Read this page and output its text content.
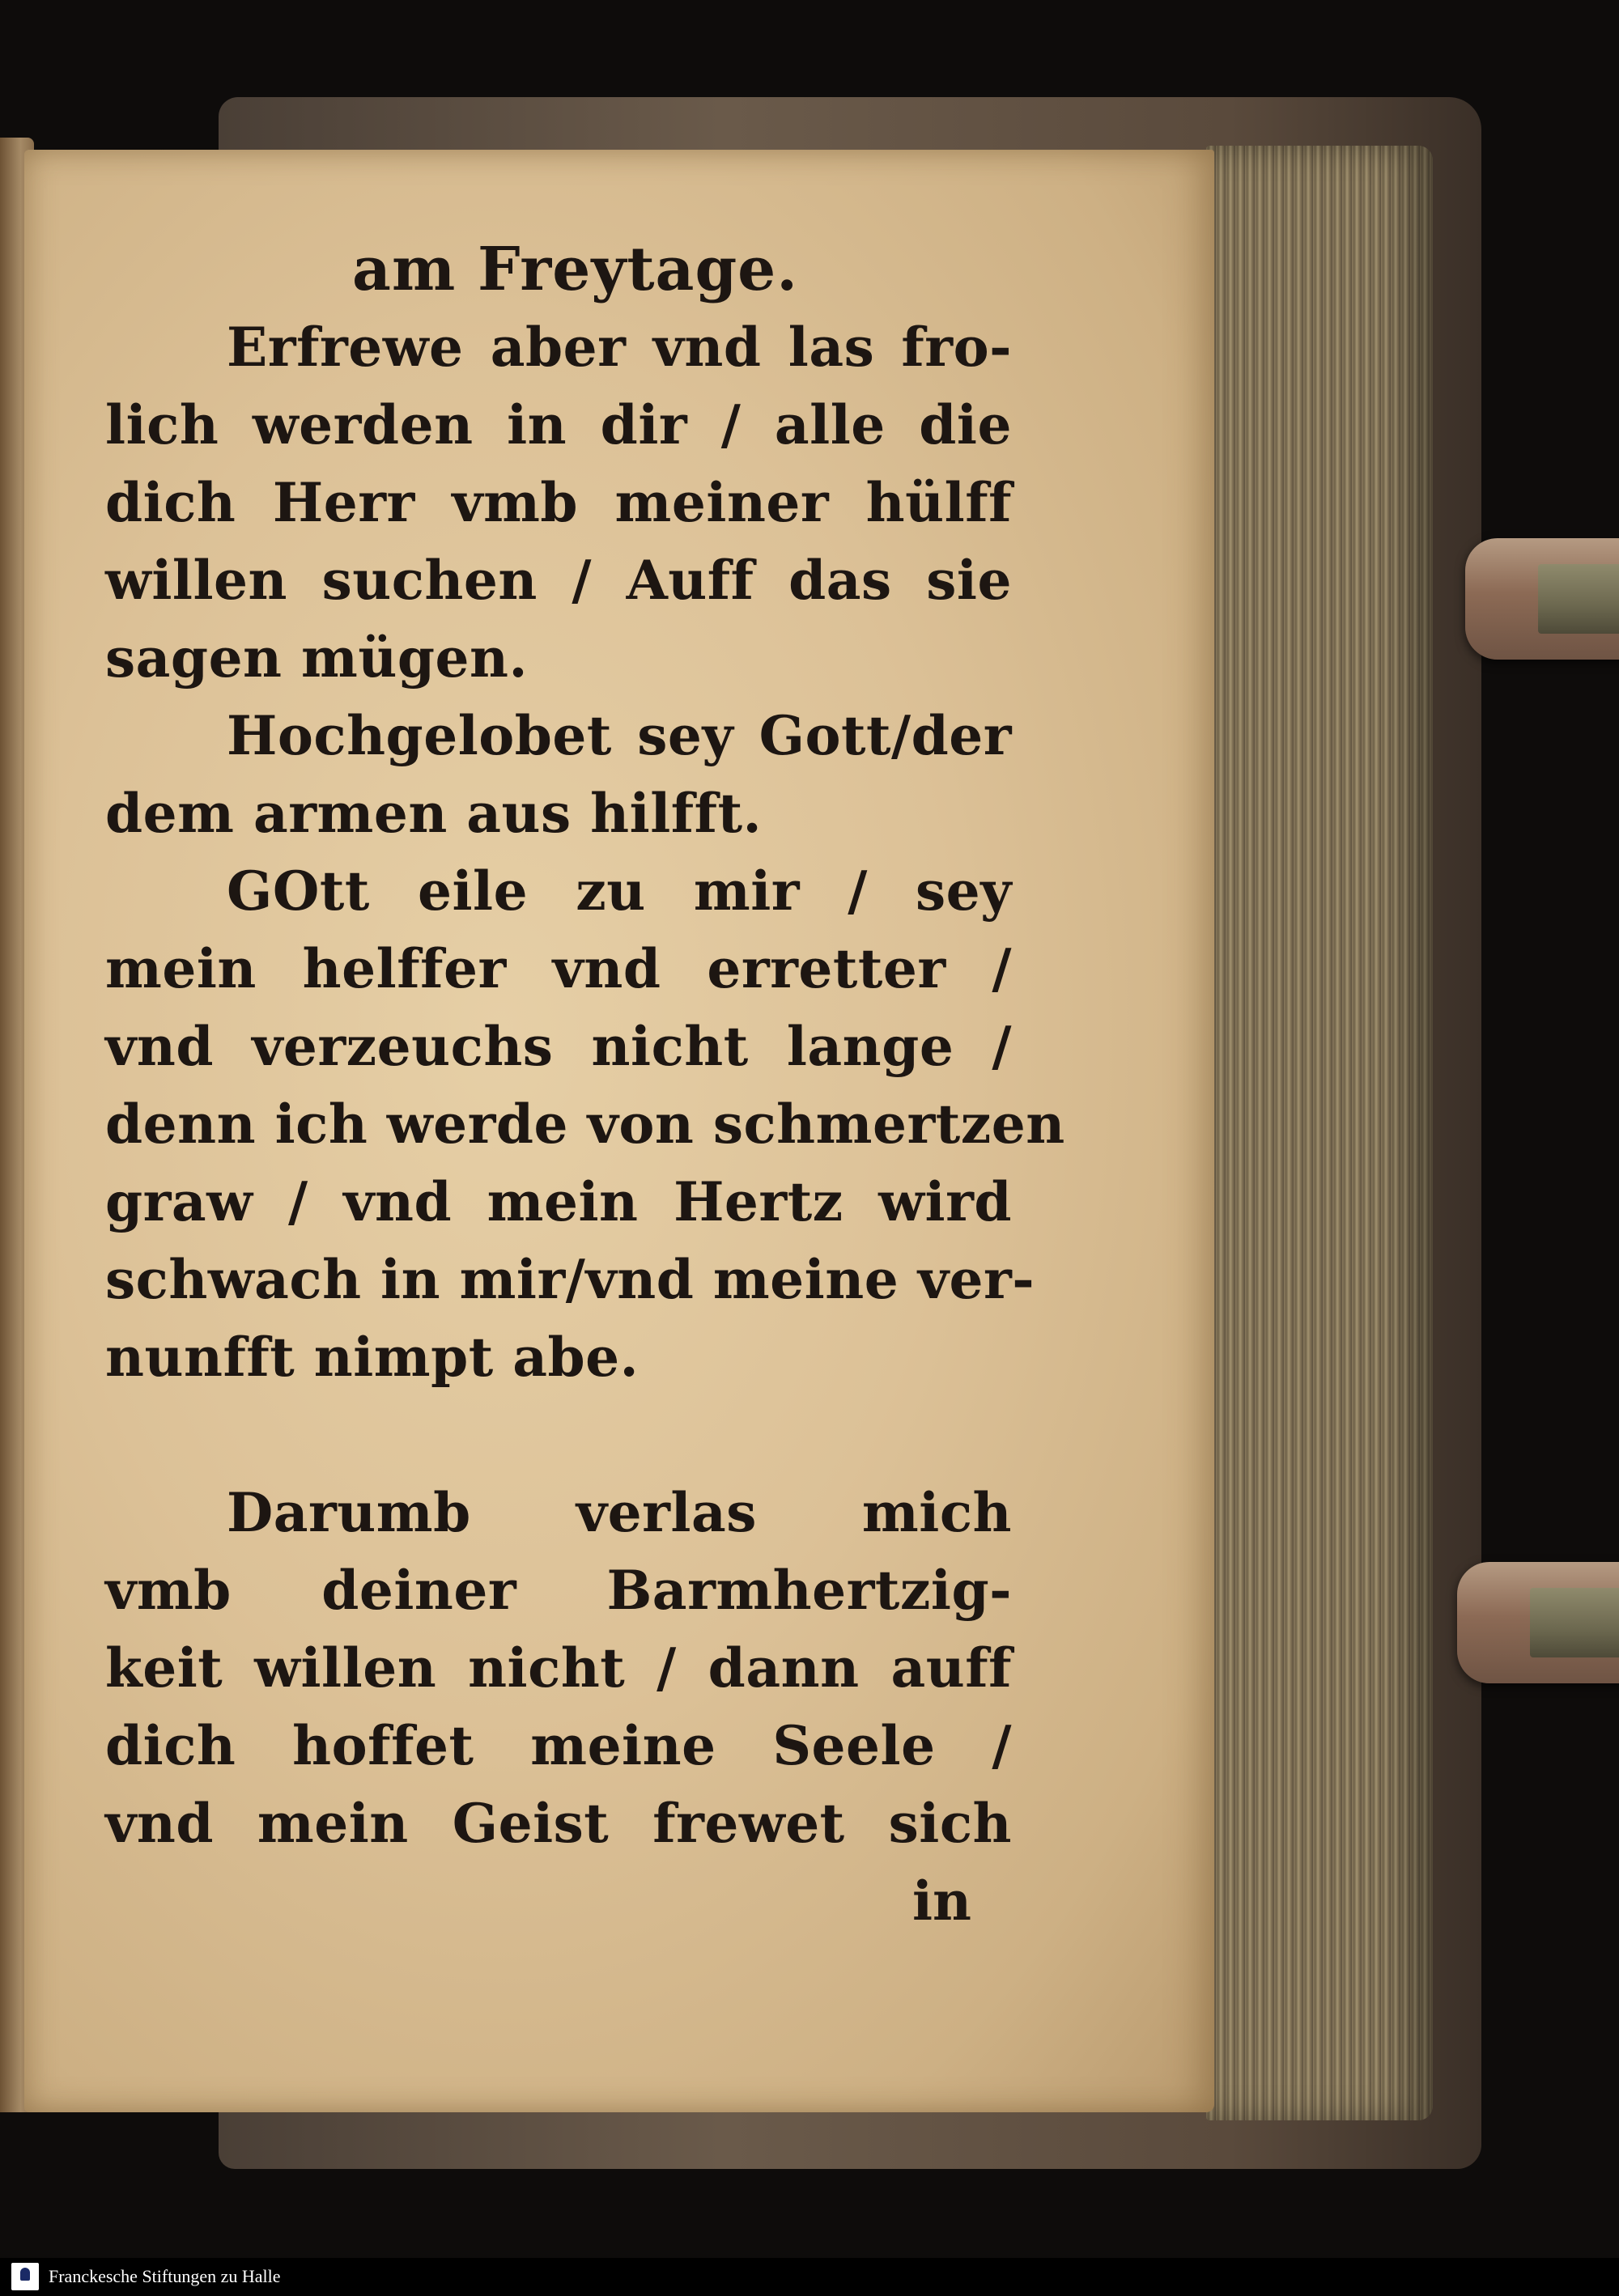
am Freytage.
Erfrewe aber vnd las fro-
lich werden in dir / alle die
dich Herr vmb meiner hülff
willen suchen / Auff das sie
sagen mügen.
Hochgelobet sey Gott/der
dem armen aus hilfft.
GOtt eile zu mir / sey
mein helffer vnd erretter /
vnd verzeuchs nicht lange /
denn ich werde von schmertzen
graw / vnd mein Hertz wird
schwach in mir/vnd meine ver-
nunfft nimpt abe.
Darumb verlas mich
vmb deiner Barmhertzig-
keit willen nicht / dann auff
dich hoffet meine Seele /
vnd mein Geist frewet sich
in
Franckesche Stiftungen zu Halle
